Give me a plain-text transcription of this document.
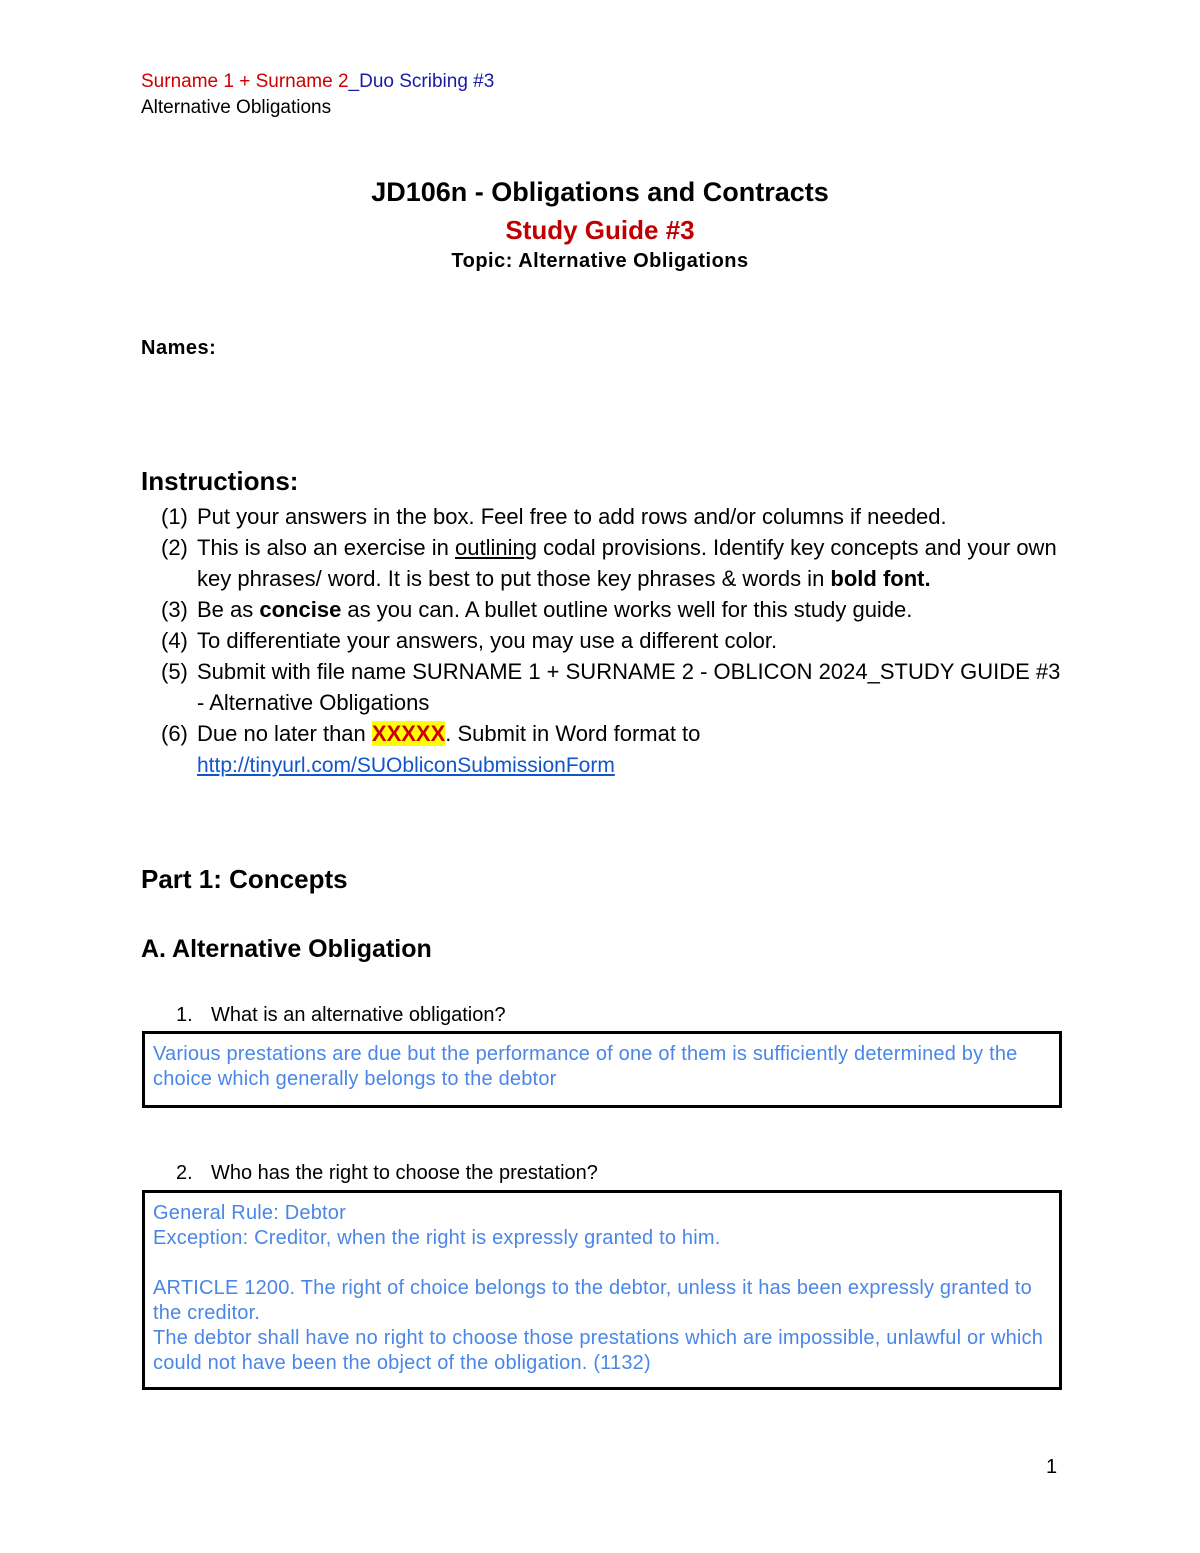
Surname 1 + Surname 2_Duo Scribing #3
Alternative Obligations
JD106n - Obligations and Contracts
Study Guide #3
Topic: Alternative Obligations
Names:
Instructions:
(1) Put your answers in the box. Feel free to add rows and/or columns if needed.
(2) This is also an exercise in outlining codal provisions. Identify key concepts and your own key phrases/ word. It is best to put those key phrases & words in bold font.
(3) Be as concise as you can. A bullet outline works well for this study guide.
(4) To differentiate your answers, you may use a different color.
(5) Submit with file name SURNAME 1 + SURNAME 2 - OBLICON 2024_STUDY GUIDE #3 - Alternative Obligations
(6) Due no later than XXXXX. Submit in Word format to
http://tinyurl.com/SUObliconSubmissionForm
Part 1: Concepts
A. Alternative Obligation
1. What is an alternative obligation?
Various prestations are due but the performance of one of them is sufficiently determined by the choice which generally belongs to the debtor
2. Who has the right to choose the prestation?
General Rule: Debtor
Exception: Creditor, when the right is expressly granted to him.
ARTICLE 1200. The right of choice belongs to the debtor, unless it has been expressly granted to the creditor.
The debtor shall have no right to choose those prestations which are impossible, unlawful or which could not have been the object of the obligation. (1132)
1
